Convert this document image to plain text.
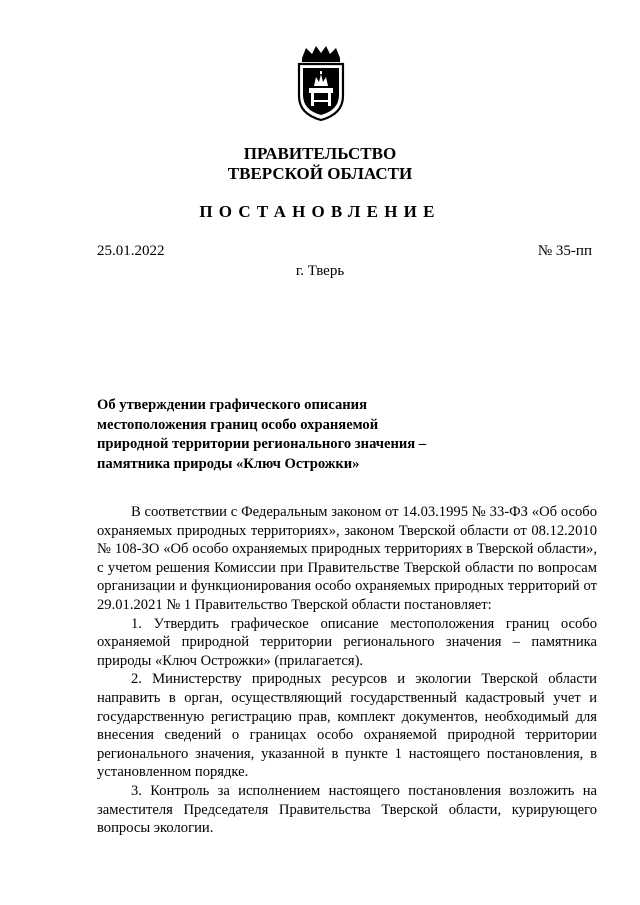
ПРАВИТЕЛЬСТВО
ТВЕРСКОЙ ОБЛАСТИ
ПОСТАНОВЛЕНИЕ
25.01.2022	№ 35-пп
г. Тверь
Об утверждении графического описания
местоположения границ особо охраняемой
природной территории регионального значения –
памятника природы «Ключ Острожки»

В соответствии с Федеральным законом от 14.03.1995 № 33-ФЗ «Об особо охраняемых природных территориях», законом Тверской области от 08.12.2010 № 108-ЗО «Об особо охраняемых природных территориях в Тверской области», с учетом решения Комиссии при Правительстве Тверской области по вопросам организации и функционирования особо охраняемых природных территорий от 29.01.2021 № 1 Правительство Тверской области постановляет:

1. Утвердить графическое описание местоположения границ особо охраняемой природной территории регионального значения – памятника природы «Ключ Острожки» (прилагается).

2. Министерству природных ресурсов и экологии Тверской области направить в орган, осуществляющий государственный кадастровый учет и государственную регистрацию прав, комплект документов, необходимый для внесения сведений о границах особо охраняемой природной территории регионального значения, указанной в пункте 1 настоящего постановления, в установленном порядке.

3. Контроль за исполнением настоящего постановления возложить на заместителя Председателя Правительства Тверской области, курирующего вопросы экологии.
